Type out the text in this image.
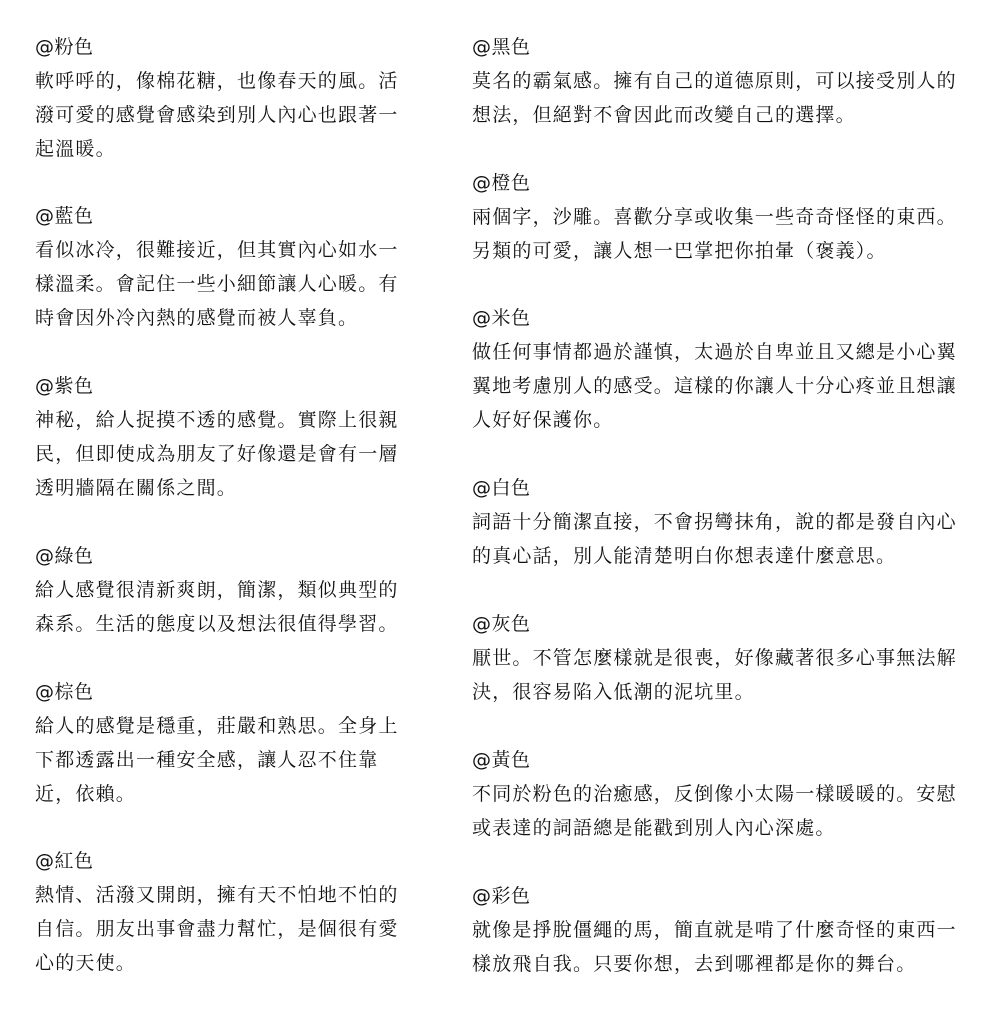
@粉色
軟呼呼的，像棉花糖，也像春天的風。活
潑可愛的感覺會感染到別人內心也跟著一
起溫暖。
@藍色
看似冰冷，很難接近，但其實內心如水一
樣溫柔。會記住一些小細節讓人心暖。有
時會因外冷內熱的感覺而被人辜負。
@紫色
神秘，給人捉摸不透的感覺。實際上很親
民，但即使成為朋友了好像還是會有一層
透明牆隔在關係之間。
@綠色
給人感覺很清新爽朗，簡潔，類似典型的
森系。生活的態度以及想法很值得學習。
@棕色
給人的感覺是穩重，莊嚴和熟思。全身上
下都透露出一種安全感，讓人忍不住靠
近，依賴。
@紅色
熱情、活潑又開朗，擁有天不怕地不怕的
自信。朋友出事會盡力幫忙，是個很有愛
心的天使。
@黑色
莫名的霸氣感。擁有自己的道德原則，可以接受別人的
想法，但絕對不會因此而改變自己的選擇。
@橙色
兩個字，沙雕。喜歡分享或收集一些奇奇怪怪的東西。
另類的可愛，讓人想一巴掌把你拍暈（褒義）。
@米色
做任何事情都過於謹慎，太過於自卑並且又總是小心翼
翼地考慮別人的感受。這樣的你讓人十分心疼並且想讓
人好好保護你。
@白色
詞語十分簡潔直接，不會拐彎抹角，說的都是發自內心
的真心話，別人能清楚明白你想表達什麼意思。
@灰色
厭世。不管怎麼樣就是很喪，好像藏著很多心事無法解
決，很容易陷入低潮的泥坑里。
@黃色
不同於粉色的治癒感，反倒像小太陽一樣暖暖的。安慰
或表達的詞語總是能戳到別人內心深處。
@彩色
就像是掙脫僵繩的馬，簡直就是啃了什麼奇怪的東西一
樣放飛自我。只要你想，去到哪裡都是你的舞台。
